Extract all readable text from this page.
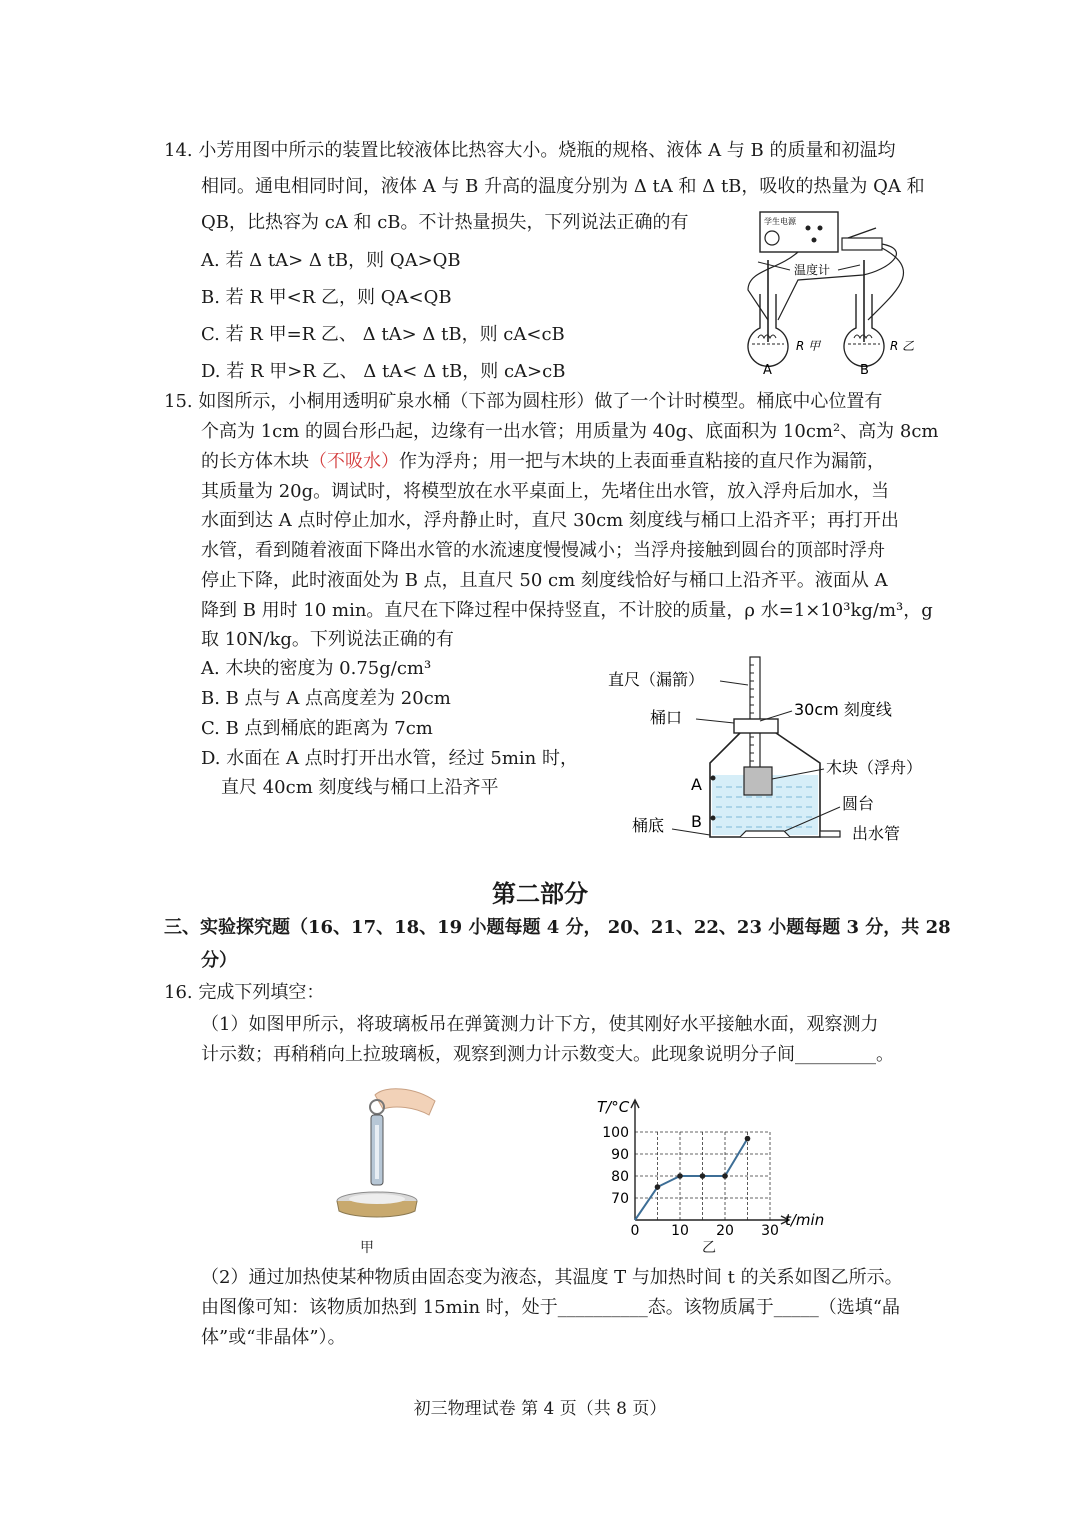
14. 小芳用图中所示的装置比较液体比热容大小。烧瓶的规格、液体 A 与 B 的质量和初温均
相同。通电相同时间，液体 A 与 B 升高的温度分别为 Δ tA 和 Δ tB，吸收的热量为 QA 和
QB，比热容为 cA 和 cB。不计热量损失，下列说法正确的有
A. 若 Δ tA> Δ tB，则 QA>QB
B. 若 R 甲<R 乙，则 QA<QB
C. 若 R 甲=R 乙、 Δ tA> Δ tB，则 cA<cB
D. 若 R 甲>R 乙、 Δ tA< Δ tB，则 cA>cB
学生电源
温度计
R 甲	R 乙
A	B
15. 如图所示，小桐用透明矿泉水桶（下部为圆柱形）做了一个计时模型。桶底中心位置有
个高为 1cm 的圆台形凸起，边缘有一出水管；用质量为 40g、底面积为 10cm²、高为 8cm
的长方体木块（不吸水）作为浮舟；用一把与木块的上表面垂直粘接的直尺作为漏箭，
其质量为 20g。调试时，将模型放在水平桌面上，先堵住出水管，放入浮舟后加水，当
水面到达 A 点时停止加水，浮舟静止时，直尺 30cm 刻度线与桶口上沿齐平；再打开出
水管，看到随着液面下降出水管的水流速度慢慢减小；当浮舟接触到圆台的顶部时浮舟
停止下降，此时液面处为 B 点，且直尺 50 cm 刻度线恰好与桶口上沿齐平。液面从 A
降到 B 用时 10 min。直尺在下降过程中保持竖直，不计胶的质量，ρ 水=1×10³kg/m³，g
取 10N/kg。下列说法正确的有
A. 木块的密度为 0.75g/cm³
B. B 点与 A 点高度差为 20cm
C. B 点到桶底的距离为 7cm
D. 水面在 A 点时打开出水管，经过 5min 时，
直尺 40cm 刻度线与桶口上沿齐平
直尺（漏箭）
桶口	30cm 刻度线
木块（浮舟）
A
B
桶底
圆台
出水管
第二部分
三、实验探究题（16、17、18、19 小题每题 4 分， 20、21、22、23 小题每题 3 分，共 28
分）
16. 完成下列填空：
（1）如图甲所示，将玻璃板吊在弹簧测力计下方，使其刚好水平接触水面，观察测力
计示数；再稍稍向上拉玻璃板，观察到测力计示数变大。此现象说明分子间_________。
甲
0 10 20 30
70
80
90
100
T/°C
t/min
乙
（2）通过加热使某种物质由固态变为液态，其温度 T 与加热时间 t 的关系如图乙所示。
由图像可知：该物质加热到 15min 时，处于__________态。该物质属于_____（选填“晶
体”或“非晶体”）。
初三物理试卷 第 4 页（共 8 页）
